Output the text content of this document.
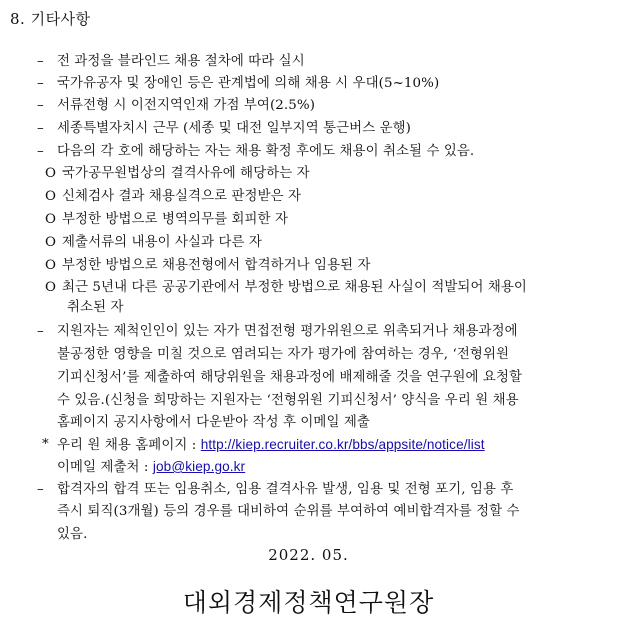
8. 기타사항
– 전 과정을 블라인드 채용 절차에 따라 실시
– 국가유공자 및 장애인 등은 관계법에 의해 채용 시 우대(5~10%)
– 서류전형 시 이전지역인재 가점 부여(2.5%)
– 세종특별자치시 근무 (세종 및 대전 일부지역 통근버스 운행)
– 다음의 각 호에 해당하는 자는 채용 확정 후에도 채용이 취소될 수 있음.
O 국가공무원법상의 결격사유에 해당하는 자
O 신체검사 결과 채용실격으로 판정받은 자
O 부정한 방법으로 병역의무를 회피한 자
O 제출서류의 내용이 사실과 다른 자
O 부정한 방법으로 채용전형에서 합격하거나 임용된 자
O 최근 5년내 다른 공공기관에서 부정한 방법으로 채용된 사실이 적발되어 채용이
취소된 자
– 지원자는 제척인인이 있는 자가 면접전형 평가위원으로 위촉되거나 채용과정에
불공정한 영향을 미칠 것으로 염려되는 자가 평가에 참여하는 경우, ‘전형위원
기피신청서’를 제출하여 해당위원을 채용과정에 배제해줄 것을 연구원에 요청할
수 있음.(신청을 희망하는 지원자는 ‘전형위원 기피신청서’ 양식을 우리 원 채용
홈페이지 공지사항에서 다운받아 작성 후 이메일 제출
* 우리 원 채용 홈페이지 : http://kiep.recruiter.co.kr/bbs/appsite/notice/list
이메일 제출처 : job@kiep.go.kr
– 합격자의 합격 또는 임용취소, 임용 결격사유 발생, 임용 및 전형 포기, 임용 후
즉시 퇴직(3개월) 등의 경우를 대비하여 순위를 부여하여 예비합격자를 정할 수
있음.
2022. 05.
대외경제정책연구원장
